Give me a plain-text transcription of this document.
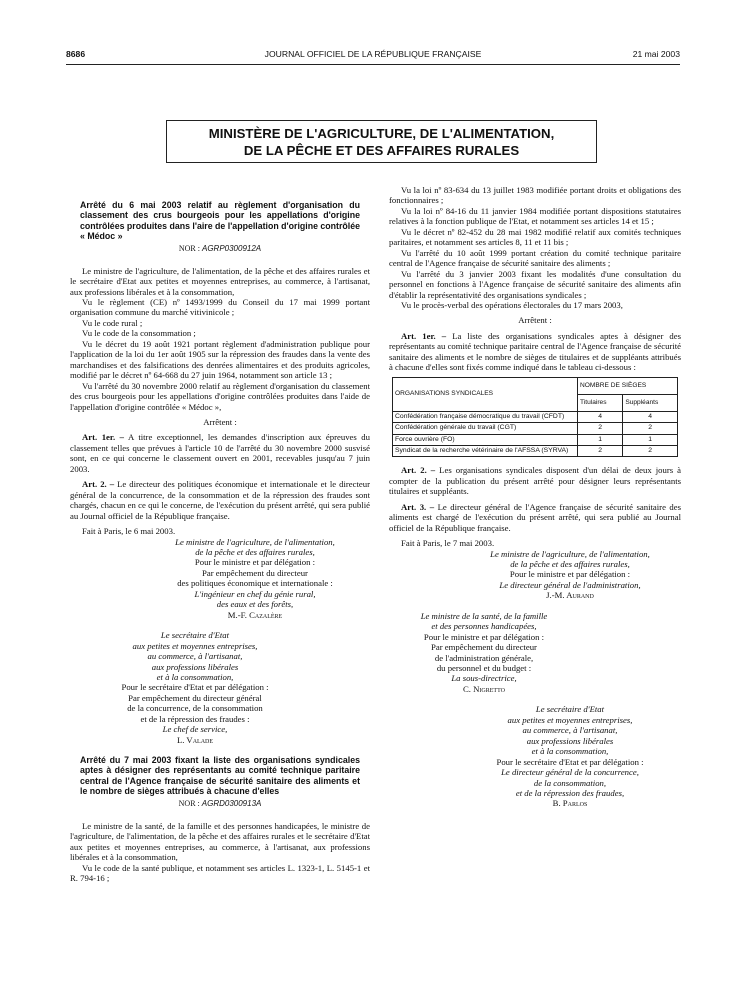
8686	JOURNAL OFFICIEL DE LA RÉPUBLIQUE FRANÇAISE	21 mai 2003
MINISTÈRE DE L'AGRICULTURE, DE L'ALIMENTATION,
DE LA PÊCHE ET DES AFFAIRES RURALES
Arrêté du 6 mai 2003 relatif au règlement d'organisation du classement des crus bourgeois pour les appellations d'origine contrôlées produites dans l'aire de l'appellation d'origine contrôlée « Médoc »
NOR : AGRP0300912A

Le ministre de l'agriculture, de l'alimentation, de la pêche et des affaires rurales et le secrétaire d'Etat aux petites et moyennes entreprises, au commerce, à l'artisanat, aux professions libérales et à la consommation,

Vu le règlement (CE) nº 1493/1999 du Conseil du 17 mai 1999 portant organisation commune du marché vitivinicole ;

Vu le code rural ;

Vu le code de la consommation ;

Vu le décret du 19 août 1921 portant règlement d'administration publique pour l'application de la loi du 1er août 1905 sur la répression des fraudes dans la vente des marchandises et des falsifications des denrées alimentaires et des produits agricoles, modifié par le décret nº 64-668 du 27 juin 1964, notamment son article 13 ;

Vu l'arrêté du 30 novembre 2000 relatif au règlement d'organisation du classement des crus bourgeois pour les appellations d'origine contrôlées produites dans l'aide de l'appellation d'origine contrôlée « Médoc »,

Arrêtent :

Art. 1er. – A titre exceptionnel, les demandes d'inscription aux épreuves du classement telles que prévues à l'article 10 de l'arrêté du 30 novembre 2000 susvisé sont, en ce qui concerne le classement ouvert en 2001, recevables jusqu'au 7 juin 2003.

Art. 2. – Le directeur des politiques économique et internationale et le directeur général de la concurrence, de la consommation et de la répression des fraudes sont chargés, chacun en ce qui le concerne, de l'exécution du présent arrêté, qui sera publié au Journal officiel de la République française.

Fait à Paris, le 6 mai 2003.

Le ministre de l'agriculture, de l'alimentation,
de la pêche et des affaires rurales,
Pour le ministre et par délégation :
Par empêchement du directeur
des politiques économique et internationale :
L'ingénieur en chef du génie rural,
des eaux et des forêts,
M.-F. Cazalère
Le secrétaire d'Etat
aux petites et moyennes entreprises,
au commerce, à l'artisanat,
aux professions libérales
et à la consommation,
Pour le secrétaire d'Etat et par délégation :
Par empêchement du directeur général
de la concurrence, de la consommation
et de la répression des fraudes :
Le chef de service,
L. Valade
Arrêté du 7 mai 2003 fixant la liste des organisations syndicales aptes à désigner des représentants au comité technique paritaire central de l'Agence française de sécurité sanitaire des aliments et le nombre de sièges attribués à chacune d'elles
NOR : AGRD0300913A

Le ministre de la santé, de la famille et des personnes handicapées, le ministre de l'agriculture, de l'alimentation, de la pêche et des affaires rurales et le secrétaire d'Etat aux petites et moyennes entreprises, au commerce, à l'artisanat, aux professions libérales et à la consommation,

Vu le code de la santé publique, et notamment ses articles L. 1323-1, L. 5145-1 et R. 794-16 ;

Vu la loi nº 83-634 du 13 juillet 1983 modifiée portant droits et obligations des fonctionnaires ;

Vu la loi nº 84-16 du 11 janvier 1984 modifiée portant dispositions statutaires relatives à la fonction publique de l'Etat, et notamment ses articles 14 et 15 ;

Vu le décret nº 82-452 du 28 mai 1982 modifié relatif aux comités techniques paritaires, et notamment ses articles 8, 11 et 11 bis ;

Vu l'arrêté du 10 août 1999 portant création du comité technique paritaire central de l'Agence française de sécurité sanitaire des aliments ;

Vu l'arrêté du 3 janvier 2003 fixant les modalités d'une consultation du personnel en fonctions à l'Agence française de sécurité sanitaire des aliments afin d'établir la représentativité des organisations syndicales ;

Vu le procès-verbal des opérations électorales du 17 mars 2003,

Arrêtent :

Art. 1er. – La liste des organisations syndicales aptes à désigner des représentants au comité technique paritaire central de l'Agence française de sécurité sanitaire des aliments et le nombre de sièges de titulaires et de suppléants attribués à chacune d'elles sont fixés comme indiqué dans le tableau ci-dessous :

ORGANISATIONS SYNDICALES	NOMBRE DE SIÈGES	
	Titulaires	Suppléants
Confédération française démocratique du travail (CFDT)	4	4
Confédération générale du travail (CGT)	2	2
Force ouvrière (FO)	1	1
Syndicat de la recherche vétérinaire de l'AFSSA (SYRVA)	2	2

Art. 2. – Les organisations syndicales disposent d'un délai de deux jours à compter de la publication du présent arrêté pour désigner leurs représentants titulaires et suppléants.

Art. 3. – Le directeur général de l'Agence française de sécurité sanitaire des aliments est chargé de l'exécution du présent arrêté, qui sera publié au Journal officiel de la République française.

Fait à Paris, le 7 mai 2003.

Le ministre de l'agriculture, de l'alimentation,
de la pêche et des affaires rurales,
Pour le ministre et par délégation :
Le directeur général de l'administration,
J.-M. Aurand
Le ministre de la santé, de la famille
et des personnes handicapées,
Pour le ministre et par délégation :
Par empêchement du directeur
de l'administration générale,
du personnel et du budget :
La sous-directrice,
C. Nigretto
Le secrétaire d'Etat
aux petites et moyennes entreprises,
au commerce, à l'artisanat,
aux professions libérales
et à la consommation,
Pour le secrétaire d'Etat et par délégation :
Le directeur général de la concurrence,
de la consommation,
et de la répression des fraudes,
B. Parlos
